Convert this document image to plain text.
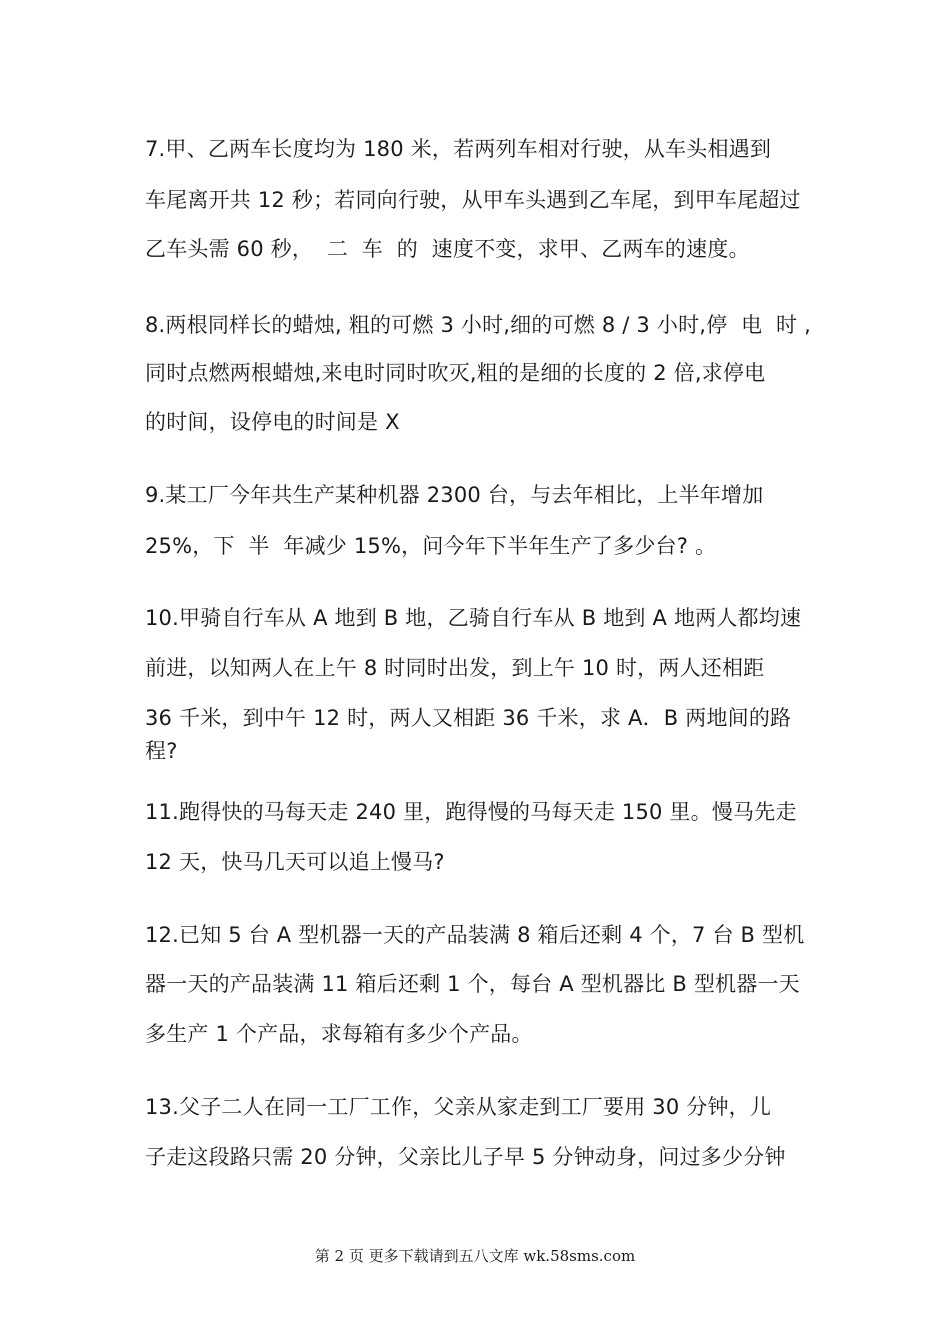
7.甲、乙两车长度均为 180 米，若两列车相对行驶，从车头相遇到
车尾离开共 12 秒；若同向行驶，从甲车头遇到乙车尾，到甲车尾超过
乙车头需 60 秒，  二  车  的  速度不变，求甲、乙两车的速度。
8.两根同样长的蜡烛, 粗的可燃 3 小时,细的可燃 8 / 3 小时,停  电  时 ,
同时点燃两根蜡烛,来电时同时吹灭,粗的是细的长度的 2 倍,求停电
的时间，设停电的时间是 X
9.某工厂今年共生产某种机器 2300 台，与去年相比，上半年增加
25%，下  半  年减少 15%，问今年下半年生产了多少台? 。
10.甲骑自行车从 A 地到 B 地，乙骑自行车从 B 地到 A 地两人都均速
前进，以知两人在上午 8 时同时出发，到上午 10 时，两人还相距
36 千米，到中午 12 时，两人又相距 36 千米，求 A．B 两地间的路
程?
11.跑得快的马每天走 240 里，跑得慢的马每天走 150 里。慢马先走
12 天，快马几天可以追上慢马?
12.已知 5 台 A 型机器一天的产品装满 8 箱后还剩 4 个，7 台 B 型机
器一天的产品装满 11 箱后还剩 1 个，每台 A 型机器比 B 型机器一天
多生产 1 个产品，求每箱有多少个产品。
13.父子二人在同一工厂工作，父亲从家走到工厂要用 30 分钟，儿
子走这段路只需 20 分钟，父亲比儿子早 5 分钟动身，问过多少分钟
第 2 页 更多下载请到五八文库 wk.58sms.com
